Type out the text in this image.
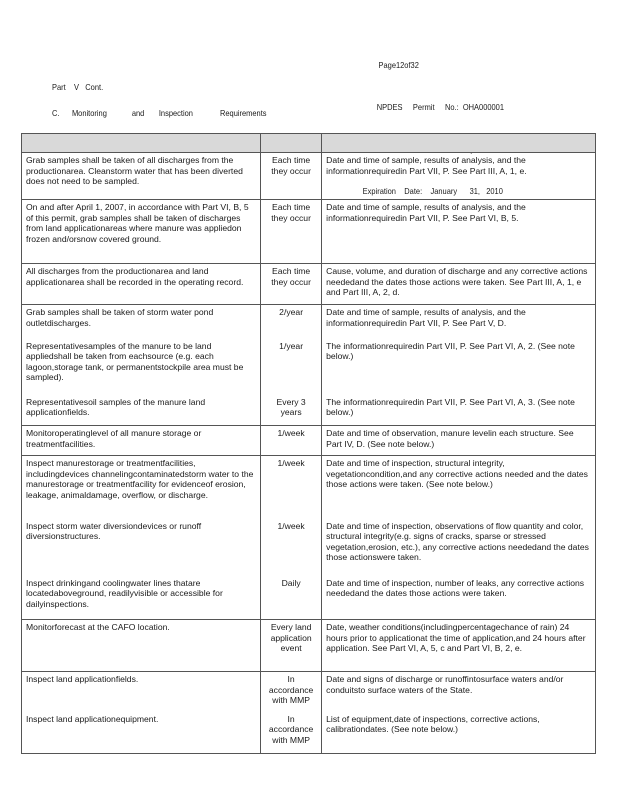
Page12of32

NPDES Permit No.: OHA000001

Expiration Date: January 31, 2010

Part V Cont.
C. Monitoring	and Inspection	Requirements

Grab samples shall be taken of all discharges from the productionarea. Cleanstorm water that has been diverted does not need to be sampled.	Each time they occur	Date and time of sample, results of analysis, and the informationrequiredin Part VII, P. See Part III, A, 1, e.

On and after April 1, 2007, in accordance with Part VI, B, 5 of this permit, grab samples shall be taken of discharges from land applicationareas where manure was appliedon frozen and/orsnow covered ground.	Each time they occur	Date and time of sample, results of analysis, and the informationrequiredin Part VII, P. See Part VI, B, 5.

All discharges from the productionarea and land applicationarea shall be recorded in the operating record.	Each time they occur	Cause, volume, and duration of discharge and any corrective actions neededand the dates those actions were taken. See Part III, A, 1, e and Part III, A, 2, d.

Grab samples shall be taken of storm water pond outletdischarges.	2/year	Date and time of sample, results of analysis, and the informationrequiredin Part VII, P. See Part V, D.

Representativesamples of the manure to be land appliedshall be taken from eachsource (e.g. each lagoon,storage tank, or permanentstockpile area must be sampled).	1/year	The informationrequiredin Part VII, P. See Part VI, A, 2. (See note below.)

Representativesoil samples of the manure land applicationfields.	Every 3 years	The informationrequiredin Part VII, P. See Part VI, A, 3. (See note below.)

Monitoroperatinglevel of all manure storage or treatmentfacilities.	1/week	Date and time of observation, manure levelin each structure. See Part IV, D. (See note below.)

Inspect manurestorage or treatmentfacilities, includingdevices channelingcontaminatedstorm water to the manurestorage or treatmentfacility for evidenceof erosion, leakage, animaldamage, overflow, or discharge.	1/week	Date and time of inspection, structural integrity, vegetationcondition,and any corrective actions needed and the dates those actions were taken. (See note below.)

Inspect storm water diversiondevices or runoff diversionstructures.	1/week	Date and time of inspection, observations of flow quantity and color, structural integrity(e.g. signs of cracks, sparse or stressed vegetation,erosion, etc.), any corrective actions neededand the dates those actionswere taken.

Inspect drinkingand coolingwater lines thatare locatedaboveground, readilyvisible or accessible for dailyinspections.	Daily	Date and time of inspection, number of leaks, any corrective actions neededand the dates those actions were taken.

Monitorforecast at the CAFO location.	Every land application event	Date, weather conditions(includingpercentagechance of rain) 24 hours prior to applicationat the time of application,and 24 hours after application. See Part VI, A, 5, c and Part VI, B, 2, e.

Inspect land applicationfields.	In accordance with MMP	Date and signs of discharge or runoffintosurface waters and/or conduitsto surface waters of the State.

Inspect land applicationequipment.	In accordance with MMP	List of equipment,date of inspections, corrective actions, calibrationdates. (See note below.)
